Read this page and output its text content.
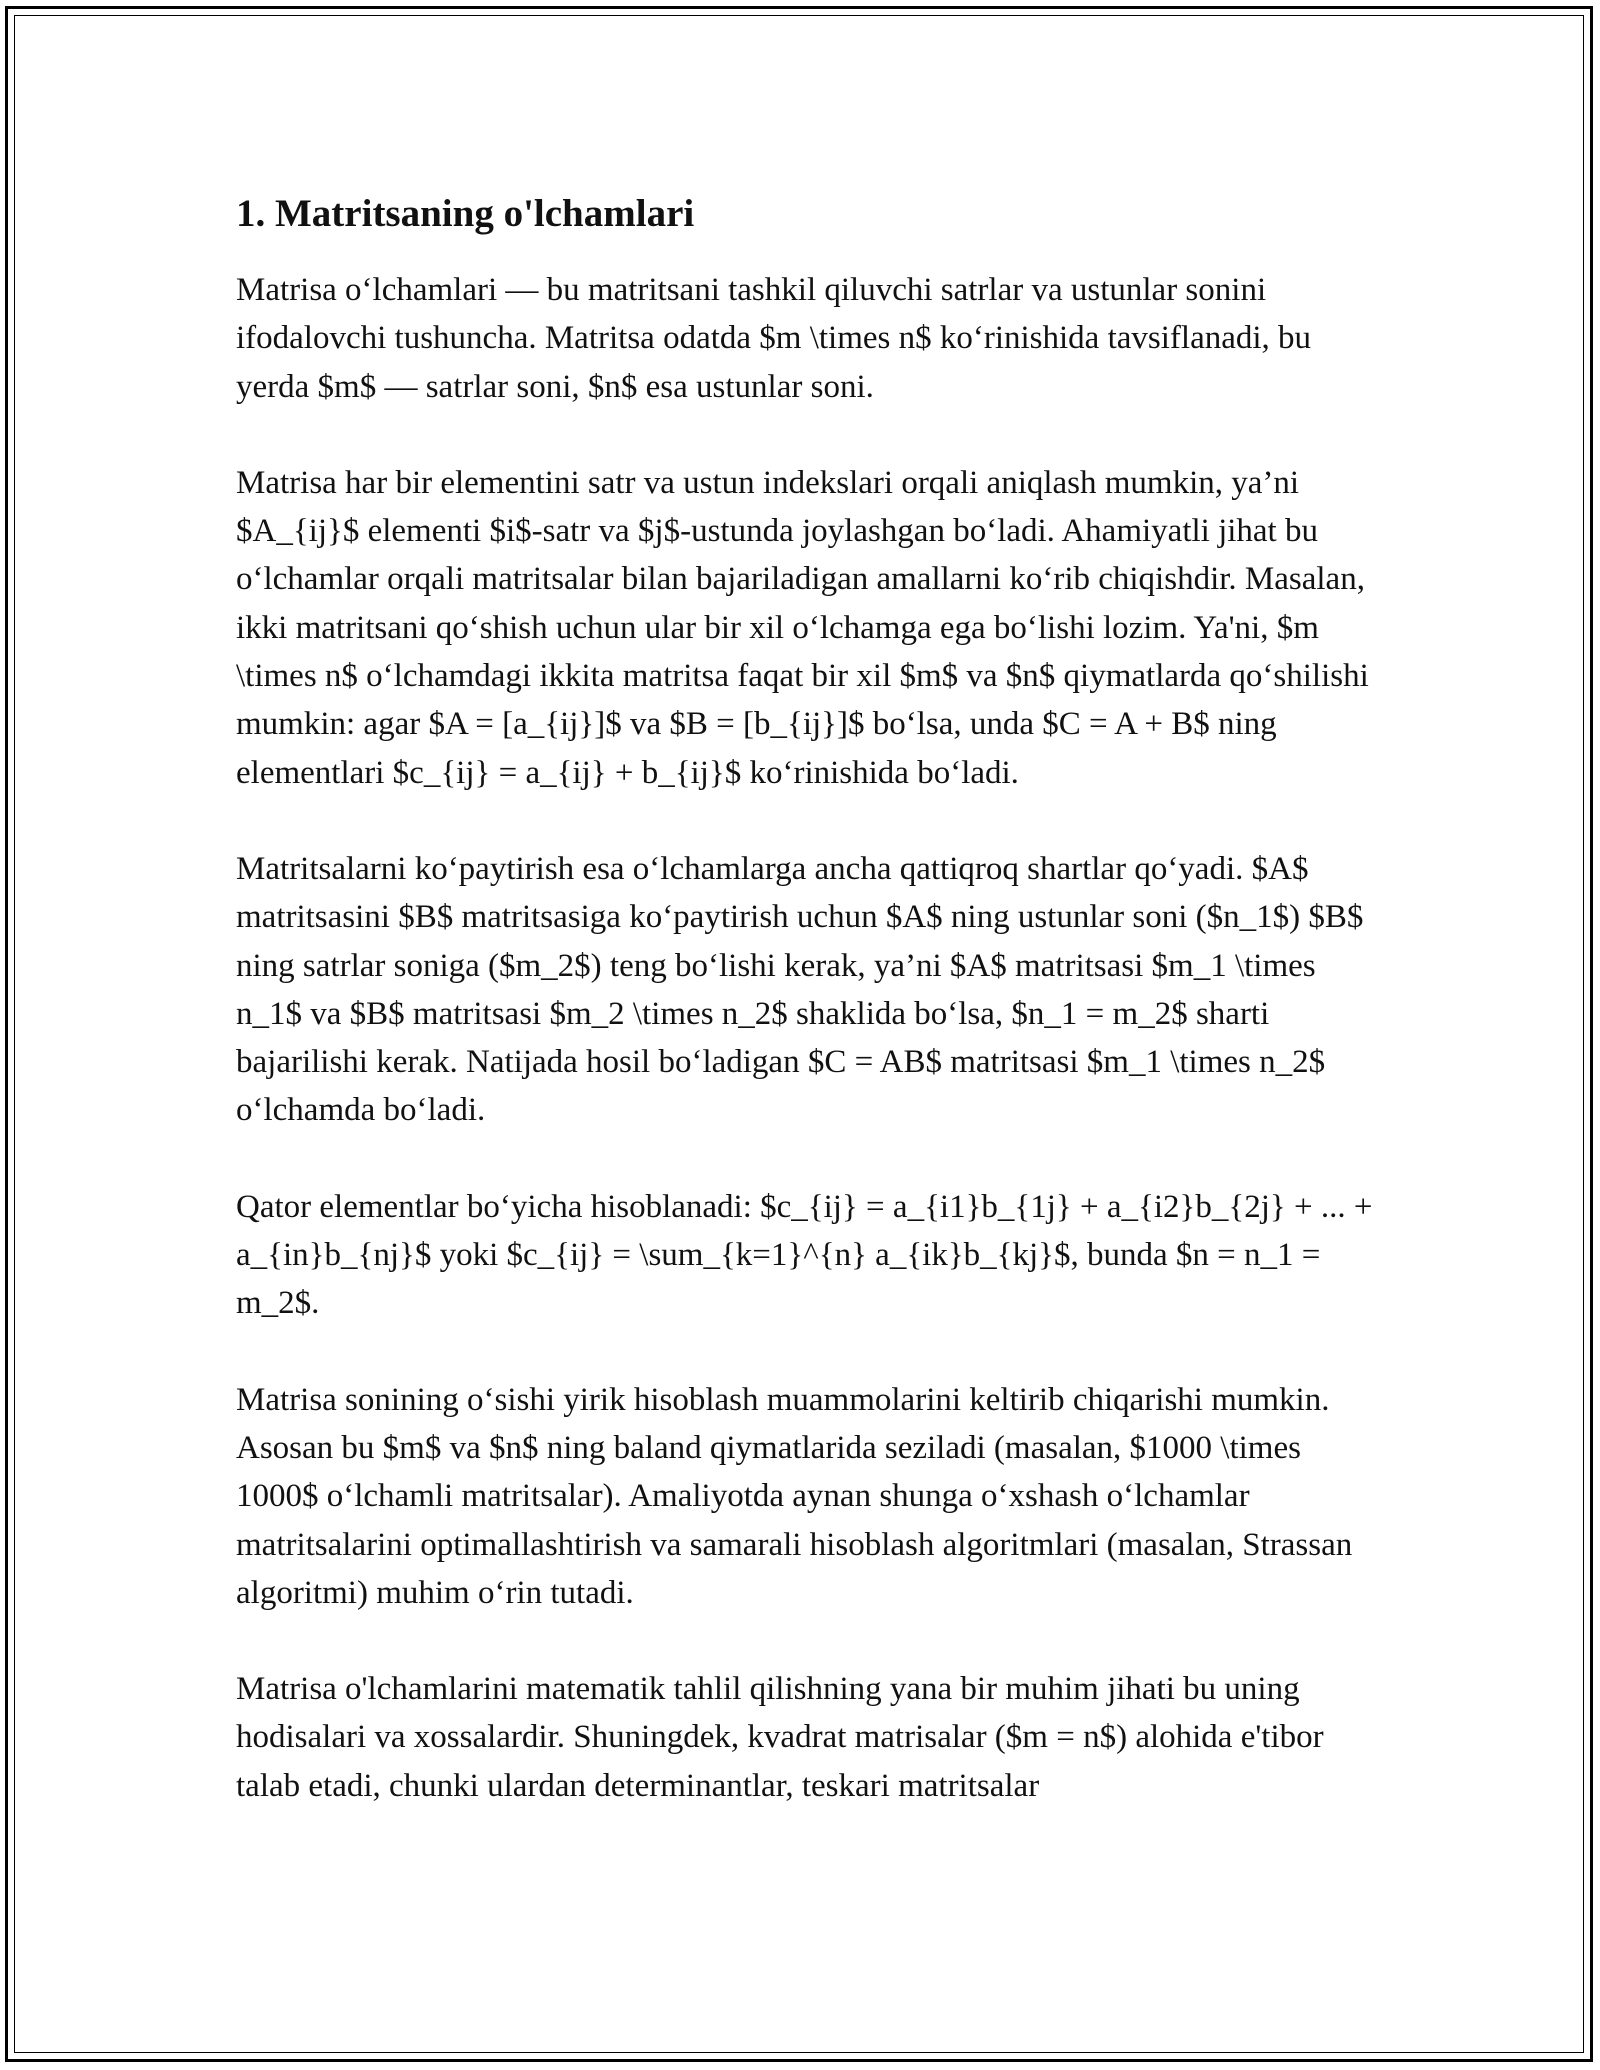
1. Matritsaning o'lchamlari

Matrisa o‘lchamlari — bu matritsani tashkil qiluvchi satrlar va ustunlar sonini ifodalovchi tushuncha. Matritsa odatda $m \times n$ ko‘rinishida tavsiflanadi, bu yerda $m$ — satrlar soni, $n$ esa ustunlar soni.

Matrisa har bir elementini satr va ustun indekslari orqali aniqlash mumkin, ya’ni $A_{ij}$ elementi $i$-satr va $j$-ustunda joylashgan bo‘ladi. Ahamiyatli jihat bu o‘lchamlar orqali matritsalar bilan bajariladigan amallarni ko‘rib chiqishdir. Masalan, ikki matritsani qo‘shish uchun ular bir xil o‘lchamga ega bo‘lishi lozim. Ya'ni, $m \times n$ o‘lchamdagi ikkita matritsa faqat bir xil $m$ va $n$ qiymatlarda qo‘shilishi mumkin: agar $A = [a_{ij}]$ va $B = [b_{ij}]$ bo‘lsa, unda $C = A + B$ ning elementlari $c_{ij} = a_{ij} + b_{ij}$ ko‘rinishida bo‘ladi.

Matritsalarni ko‘paytirish esa o‘lchamlarga ancha qattiqroq shartlar qo‘yadi. $A$ matritsasini $B$ matritsasiga ko‘paytirish uchun $A$ ning ustunlar soni ($n_1$) $B$ ning satrlar soniga ($m_2$) teng bo‘lishi kerak, ya’ni $A$ matritsasi $m_1 \times n_1$ va $B$ matritsasi $m_2 \times n_2$ shaklida bo‘lsa, $n_1 = m_2$ sharti bajarilishi kerak. Natijada hosil bo‘ladigan $C = AB$ matritsasi $m_1 \times n_2$ o‘lchamda bo‘ladi.

Qator elementlar bo‘yicha hisoblanadi: $c_{ij} = a_{i1}b_{1j} + a_{i2}b_{2j} + ... + a_{in}b_{nj}$ yoki $c_{ij} = \sum_{k=1}^{n} a_{ik}b_{kj}$, bunda $n = n_1 = m_2$.

Matrisa sonining o‘sishi yirik hisoblash muammolarini keltirib chiqarishi mumkin. Asosan bu $m$ va $n$ ning baland qiymatlarida seziladi (masalan, $1000 \times 1000$ o‘lchamli matritsalar). Amaliyotda aynan shunga o‘xshash o‘lchamlar matritsalarini optimallashtirish va samarali hisoblash algoritmlari (masalan, Strassan algoritmi) muhim o‘rin tutadi.

Matrisa o'lchamlarini matematik tahlil qilishning yana bir muhim jihati bu uning hodisalari va xossalardir. Shuningdek, kvadrat matrisalar ($m = n$) alohida e'tibor talab etadi, chunki ulardan determinantlar, teskari matritsalar
